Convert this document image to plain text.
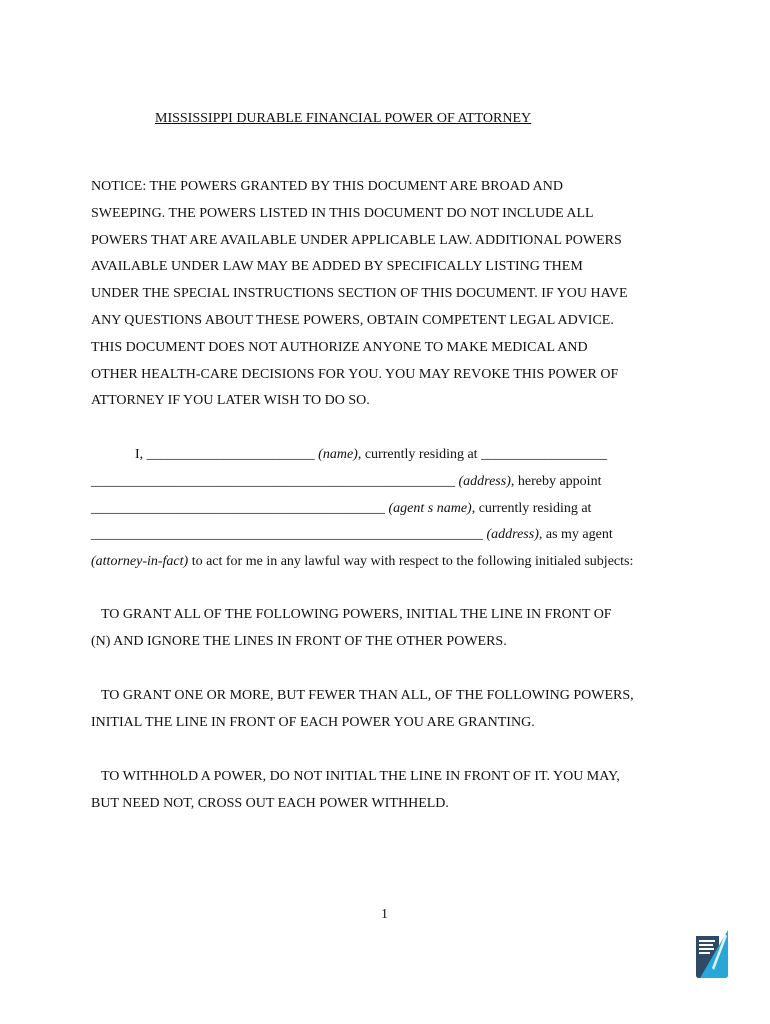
MISSISSIPPI DURABLE FINANCIAL POWER OF ATTORNEY
NOTICE: THE POWERS GRANTED BY THIS DOCUMENT ARE BROAD AND
SWEEPING. THE POWERS LISTED IN THIS DOCUMENT DO NOT INCLUDE ALL
POWERS THAT ARE AVAILABLE UNDER APPLICABLE LAW. ADDITIONAL POWERS
AVAILABLE UNDER LAW MAY BE ADDED BY SPECIFICALLY LISTING THEM
UNDER THE SPECIAL INSTRUCTIONS SECTION OF THIS DOCUMENT. IF YOU HAVE
ANY QUESTIONS ABOUT THESE POWERS, OBTAIN COMPETENT LEGAL ADVICE.
THIS DOCUMENT DOES NOT AUTHORIZE ANYONE TO MAKE MEDICAL AND
OTHER HEALTH-CARE DECISIONS FOR YOU. YOU MAY REVOKE THIS POWER OF
ATTORNEY IF YOU LATER WISH TO DO SO.
I, ________________________ (name), currently residing at __________________
____________________________________________________ (address), hereby appoint
__________________________________________ (agent s name), currently residing at
________________________________________________________ (address), as my agent
(attorney-in-fact) to act for me in any lawful way with respect to the following initialed subjects:
TO GRANT ALL OF THE FOLLOWING POWERS, INITIAL THE LINE IN FRONT OF
(N) AND IGNORE THE LINES IN FRONT OF THE OTHER POWERS.
TO GRANT ONE OR MORE, BUT FEWER THAN ALL, OF THE FOLLOWING POWERS,
INITIAL THE LINE IN FRONT OF EACH POWER YOU ARE GRANTING.
TO WITHHOLD A POWER, DO NOT INITIAL THE LINE IN FRONT OF IT. YOU MAY,
BUT NEED NOT, CROSS OUT EACH POWER WITHHELD.
1
